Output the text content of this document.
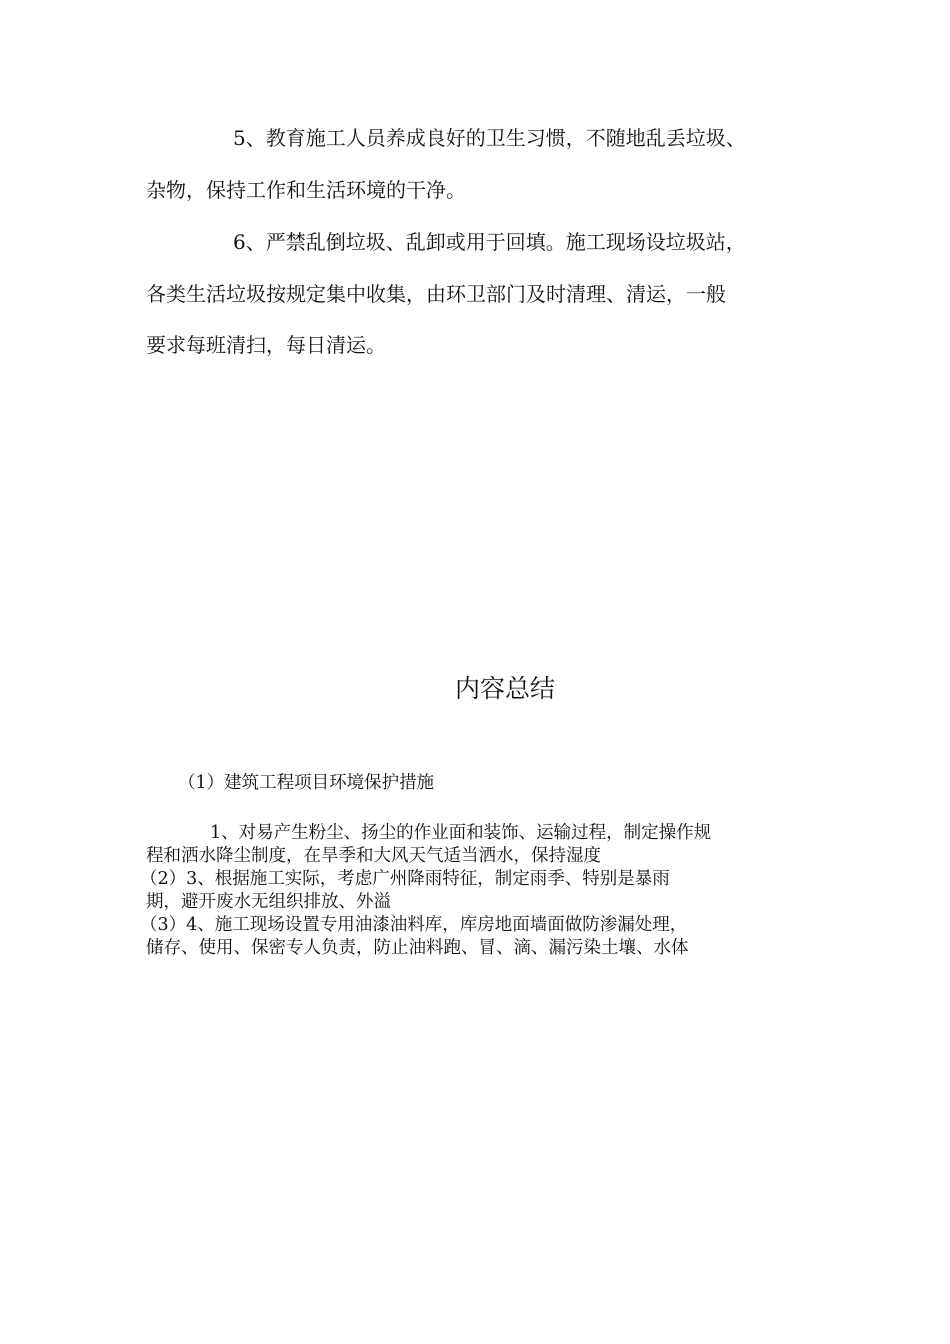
5、教育施工人员养成良好的卫生习惯，不随地乱丢垃圾、
杂物，保持工作和生活环境的干净。
6、严禁乱倒垃圾、乱卸或用于回填。施工现场设垃圾站，
各类生活垃圾按规定集中收集，由环卫部门及时清理、清运，一般
要求每班清扫，每日清运。
内容总结
（1）建筑工程项目环境保护措施
1、对易产生粉尘、扬尘的作业面和装饰、运输过程，制定操作规
程和洒水降尘制度，在旱季和大风天气适当洒水，保持湿度
（2）3、根据施工实际，考虑广州降雨特征，制定雨季、特别是暴雨
期，避开废水无组织排放、外溢
（3）4、施工现场设置专用油漆油料库，库房地面墙面做防渗漏处理，
储存、使用、保密专人负责，防止油料跑、冒、滴、漏污染土壤、水体
